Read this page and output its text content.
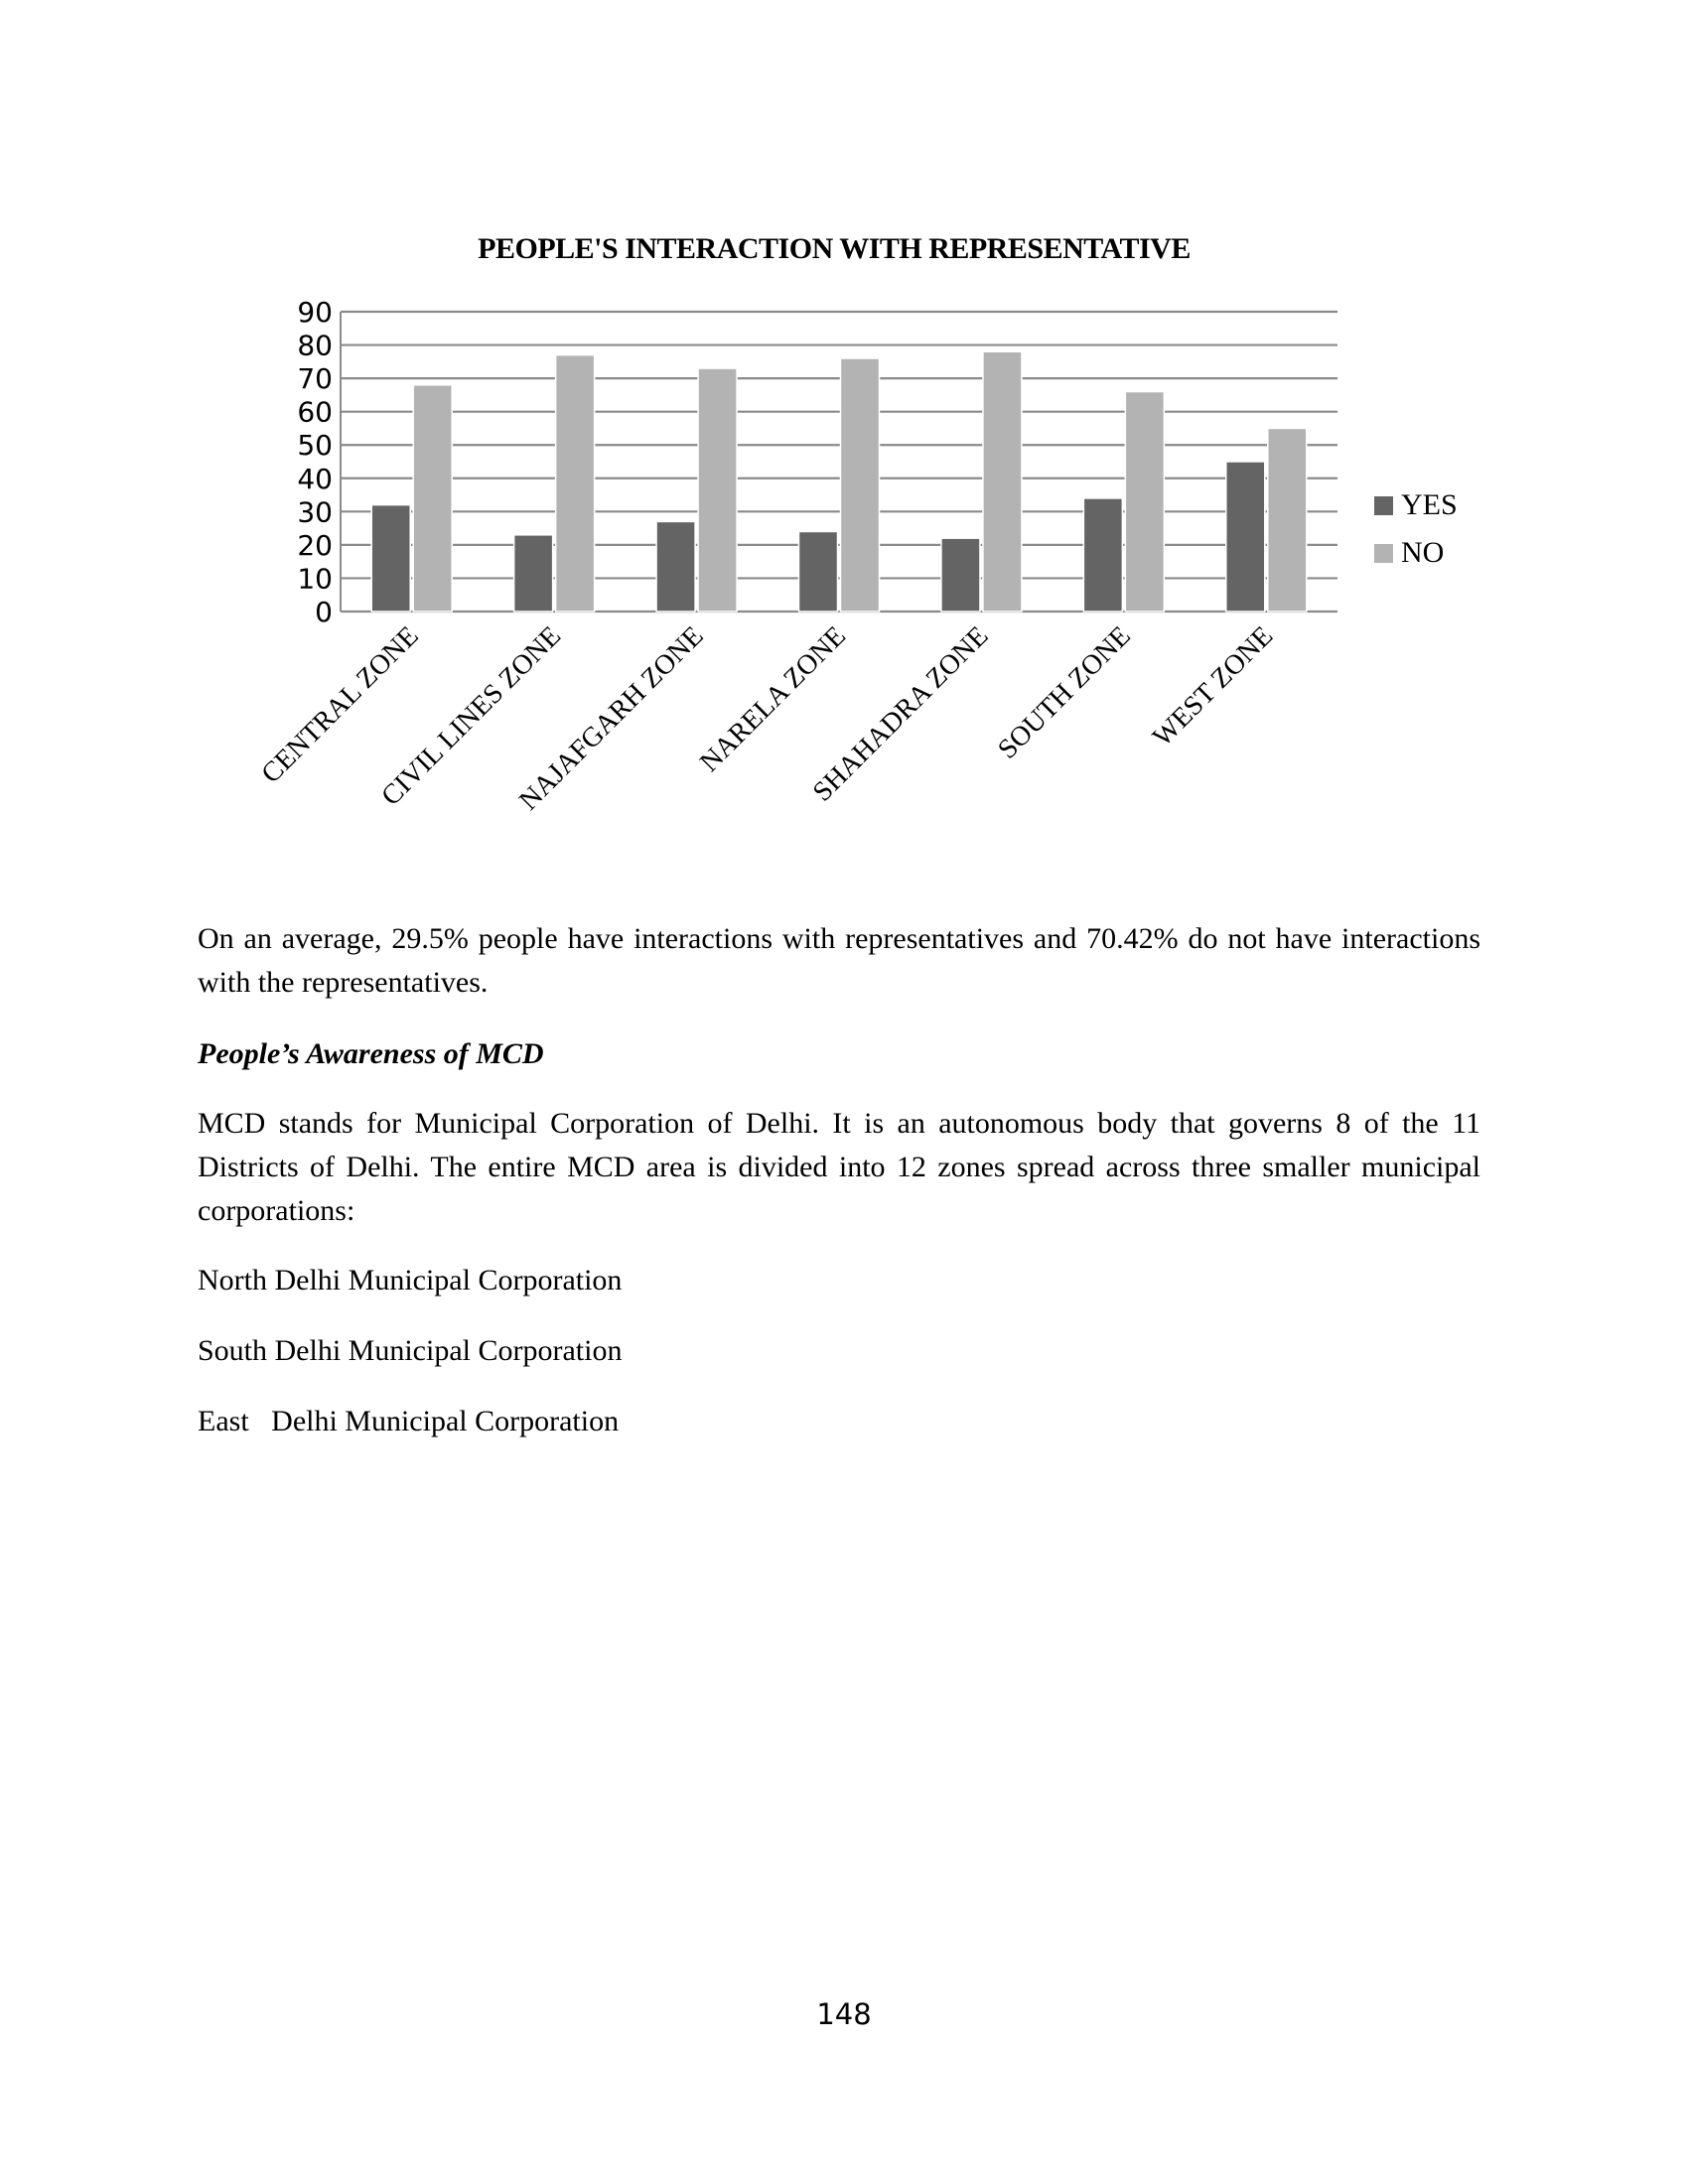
PEOPLE'S INTERACTION WITH REPRESENTATIVE
0
10
20
30
40
50
60
70
80
90
CENTRAL ZONE
CIVIL LINES ZONE
NAJAFGARH ZONE
NARELA ZONE
SHAHADRA ZONE
SOUTH ZONE WEST ZONE
YES
NO
On an average, 29.5% people have interactions with representatives and 70.42% do not have interactions with the representatives.
People’s Awareness of MCD
MCD stands for Municipal Corporation of Delhi. It is an autonomous body that governs 8 of the 11 Districts of Delhi. The entire MCD area is divided into 12 zones spread across three smaller municipal corporations:
North Delhi Municipal Corporation
South Delhi Municipal Corporation
East   Delhi Municipal Corporation
148
